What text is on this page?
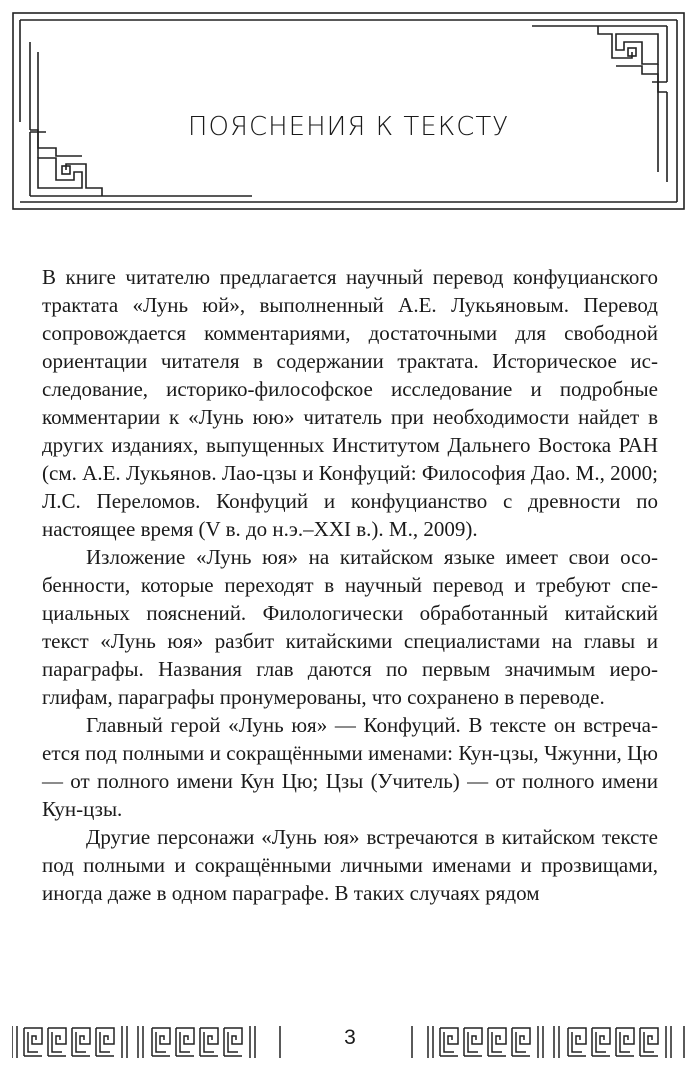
ПОЯСНЕНИЯ К ТЕКСТУ

В книге читателю предлагается научный перевод конфуцианского трактата «Лунь юй», выполненный А.Е. Лукьяновым. Перевод сопровождается комментариями, достаточными для свободной ориентации читателя в содержании трактата. Историческое исследование, историко-философское исследование и подробные комментарии к «Лунь юю» читатель при необходимости найдет в других изданиях, выпущенных Институтом Дальнего Востока РАН (см. А.Е. Лукьянов. Лао-цзы и Конфуций: Философия Дао. М., 2000; Л.С. Переломов. Конфуций и конфуцианство с древности по настоящее время (V в. до н.э.–XXI в.). М., 2009).

Изложение «Лунь юя» на китайском языке имеет свои особенности, которые переходят в научный перевод и требуют специальных пояснений. Филологически обработанный китайский текст «Лунь юя» разбит китайскими специалистами на главы и параграфы. Названия глав даются по первым значимым иероглифам, параграфы пронумерованы, что сохранено в переводе.

Главный герой «Лунь юя» — Конфуций. В тексте он встречается под полными и сокращёнными именами: Кун-цзы, Чжунни, Цю — от полного имени Кун Цю; Цзы (Учитель) — от полного имени Кун-цзы.

Другие персонажи «Лунь юя» встречаются в китайском тексте под полными и сокращёнными личными именами и прозвищами, иногда даже в одном параграфе. В таких случаях рядом

3
